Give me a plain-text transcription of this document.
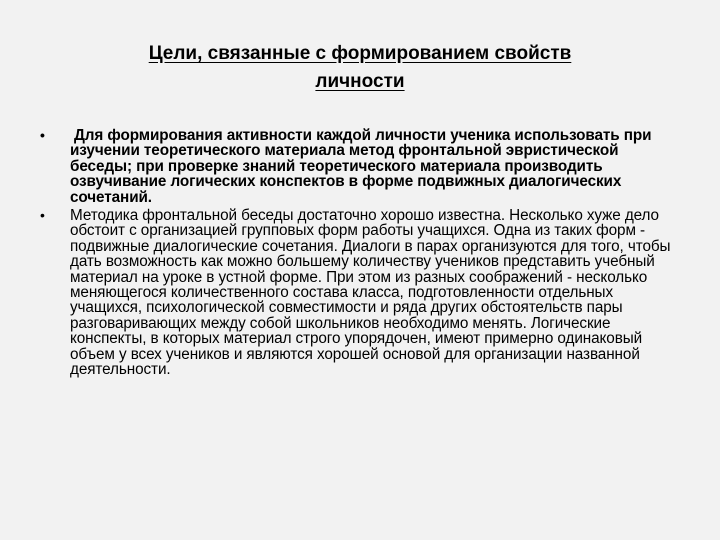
Цели, связанные с формированием свойств
личности
• Для формирования активности каждой личности ученика использовать при изучении теоретического материала метод фронтальной эвристической беседы; при проверке знаний теоретического материала производить озвучивание логических конспектов в форме подвижных диалогических сочетаний.
• Методика фронтальной беседы достаточно хорошо известна. Несколько хуже дело обстоит с организацией групповых форм работы учащихся. Одна из таких форм - подвижные диалогические сочетания. Диалоги в парах организуются для того, чтобы дать возможность как можно большему количеству учеников представить учебный материал на уроке в устной форме. При этом из разных соображений - несколько меняющегося количественного состава класса, подготовленности отдельных учащихся, психологической совместимости и ряда других обстоятельств пары разговаривающих между собой школьников необходимо менять. Логические конспекты, в которых материал строго упорядочен, имеют примерно одинаковый объем у всех учеников и являются хорошей основой для организации названной деятельности.
